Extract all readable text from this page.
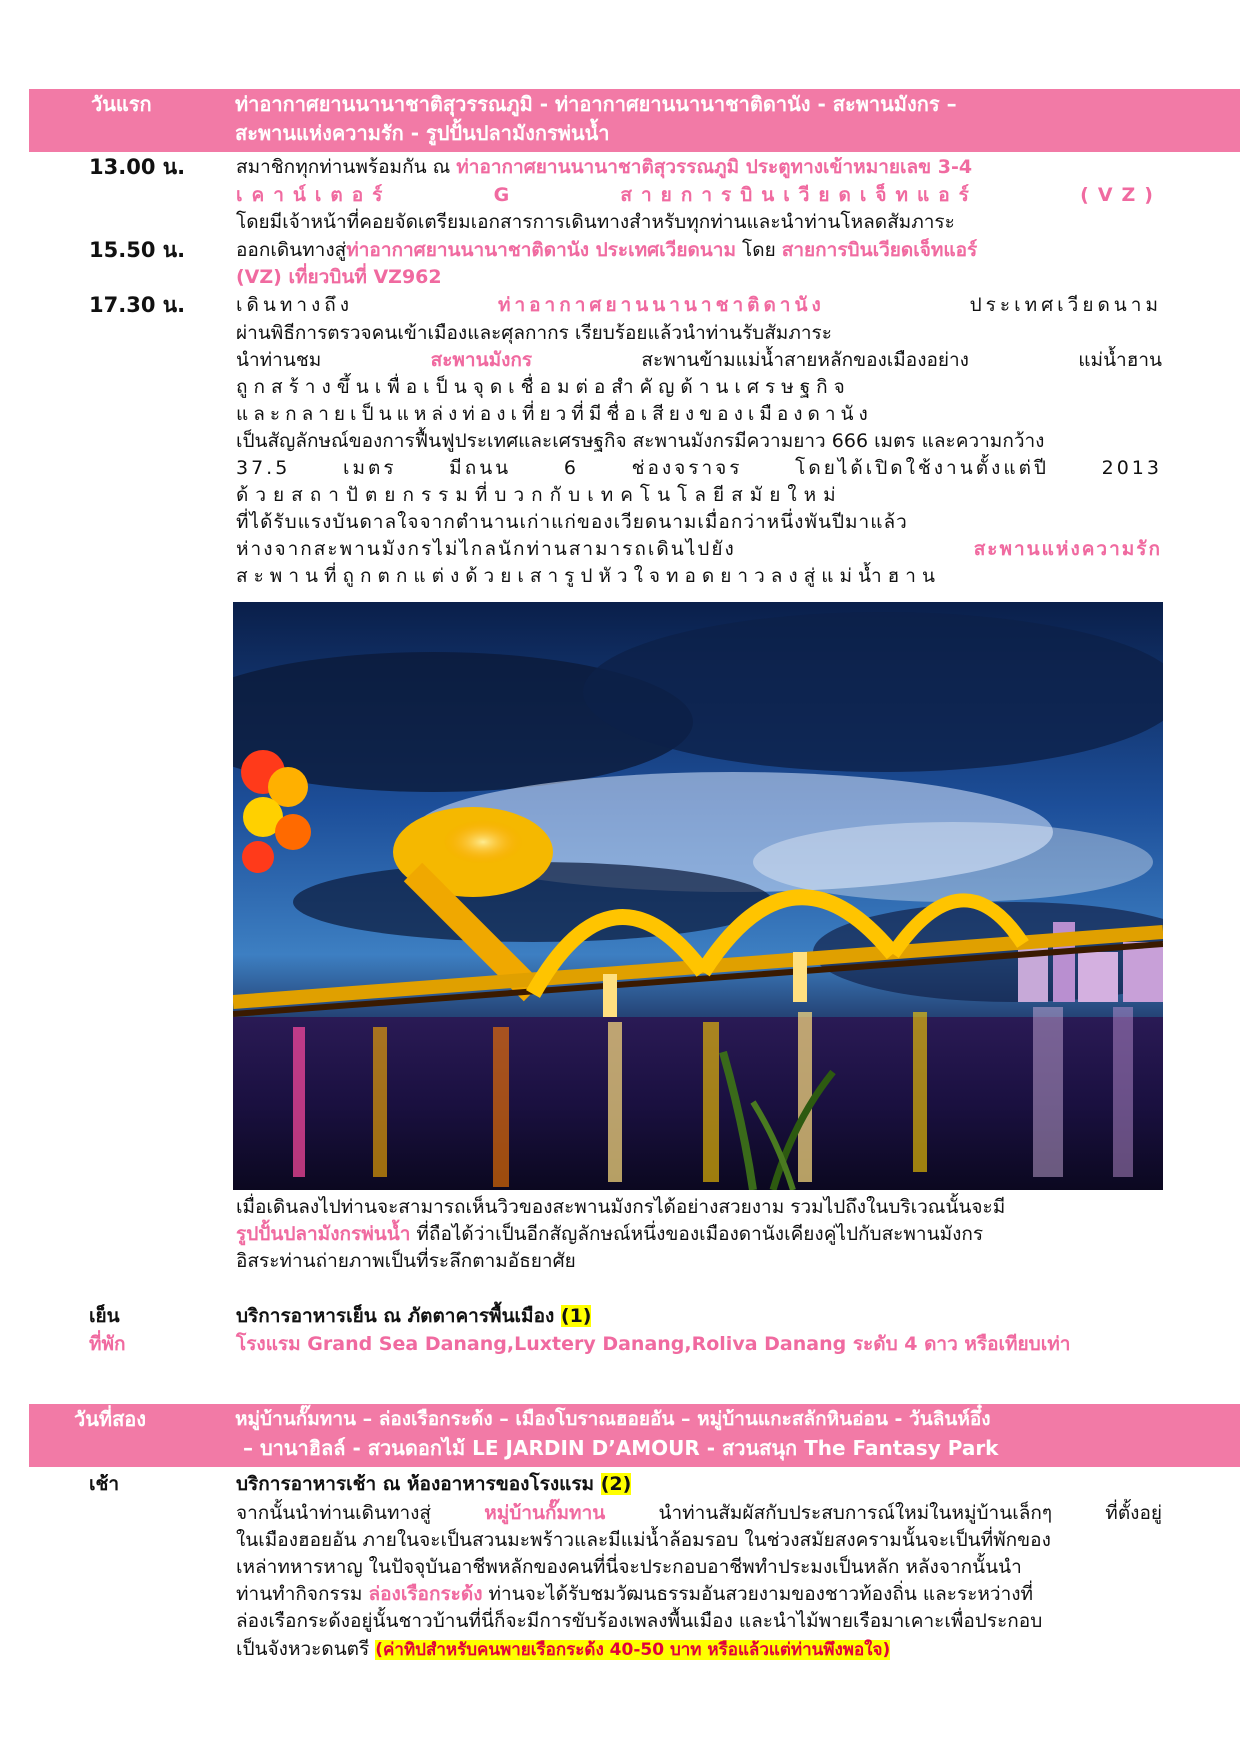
วันแรก	ท่าอากาศยานนานาชาติสุวรรณภูมิ - ท่าอากาศยานนานาชาติดานัง - สะพานมังกร –
สะพานแห่งความรัก - รูปปั้นปลามังกรพ่นน้ำ
13.00 น.	สมาชิกทุกท่านพร้อมกัน ณ ท่าอากาศยานนานาชาติสุวรรณภูมิ ประตูทางเข้าหมายเลข 3-4
เคาน์เตอร์ G สายการบินเวียดเจ็ทแอร์ (VZ)
โดยมีเจ้าหน้าที่คอยจัดเตรียมเอกสารการเดินทางสำหรับทุกท่านและนำท่านโหลดสัมภาระ
15.50 น.	ออกเดินทางสู่ท่าอากาศยานนานาชาติดานัง ประเทศเวียดนาม โดย สายการบินเวียดเจ็ทแอร์
(VZ) เที่ยวบินที่ VZ962
17.30 น.	เดินทางถึง ท่าอากาศยานนานาชาติดานัง ประเทศเวียดนาม
ผ่านพิธีการตรวจคนเข้าเมืองและศุลกากร เรียบร้อยแล้วนำท่านรับสัมภาระ
นำท่านชม สะพานมังกร สะพานข้ามแม่น้ำสายหลักของเมืองอย่าง แม่น้ำฮาน
ถูกสร้างขึ้นเพื่อเป็นจุดเชื่อมต่อสำคัญด้านเศรษฐกิจ
และกลายเป็นแหล่งท่องเที่ยวที่มีชื่อเสียงของเมืองดานัง
เป็นสัญลักษณ์ของการฟื้นฟูประเทศและเศรษฐกิจ สะพานมังกรมีความยาว 666 เมตร และความกว้าง
37.5 เมตร มีถนน 6 ช่องจราจร โดยได้เปิดใช้งานตั้งแต่ปี 2013
ด้วยสถาปัตยกรรมที่บวกกับเทคโนโลยีสมัยใหม่
ที่ได้รับแรงบันดาลใจจากตำนานเก่าแก่ของเวียดนามเมื่อกว่าหนึ่งพันปีมาแล้ว
ห่างจากสะพานมังกรไม่ไกลนักท่านสามารถเดินไปยัง สะพานแห่งความรัก
สะพานที่ถูกตกแต่งด้วยเสารูปหัวใจทอดยาวลงสู่แม่น้ำฮาน
เมื่อเดินลงไปท่านจะสามารถเห็นวิวของสะพานมังกรได้อย่างสวยงาม รวมไปถึงในบริเวณนั้นจะมี
รูปปั้นปลามังกรพ่นน้ำ ที่ถือได้ว่าเป็นอีกสัญลักษณ์หนึ่งของเมืองดานังเคียงคู่ไปกับสะพานมังกร
อิสระท่านถ่ายภาพเป็นที่ระลึกตามอัธยาศัย
เย็น	บริการอาหารเย็น ณ ภัตตาคารพื้นเมือง (1)
ที่พัก	โรงแรม Grand Sea Danang,Luxtery Danang,Roliva Danang ระดับ 4 ดาว หรือเทียบเท่า
วันที่สอง	หมู่บ้านกั๊มทาน – ล่องเรือกระด้ง – เมืองโบราณฮอยอัน – หมู่บ้านแกะสลักหินอ่อน - วันลินห์อึ๋ง
– บานาฮิลล์ - สวนดอกไม้ LE JARDIN D’AMOUR - สวนสนุก The Fantasy Park
เช้า	บริการอาหารเช้า ณ ห้องอาหารของโรงแรม (2)
จากนั้นนำท่านเดินทางสู่ หมู่บ้านกั๊มทาน นำท่านสัมผัสกับประสบการณ์ใหม่ในหมู่บ้านเล็กๆ ที่ตั้งอยู่
ในเมืองฮอยอัน ภายในจะเป็นสวนมะพร้าวและมีแม่น้ำล้อมรอบ ในช่วงสมัยสงครามนั้นจะเป็นที่พักของ
เหล่าทหารหาญ ในปัจจุบันอาชีพหลักของคนที่นี่จะประกอบอาชีพทำประมงเป็นหลัก หลังจากนั้นนำ
ท่านทำกิจกรรม ล่องเรือกระด้ง ท่านจะได้รับชมวัฒนธรรมอันสวยงามของชาวท้องถิ่น และระหว่างที่
ล่องเรือกระด้งอยู่นั้นชาวบ้านที่นี่ก็จะมีการขับร้องเพลงพื้นเมือง และนำไม้พายเรือมาเคาะเพื่อประกอบ
เป็นจังหวะดนตรี (ค่าทิปสำหรับคนพายเรือกระด้ง 40-50 บาท หรือแล้วแต่ท่านพึงพอใจ)
